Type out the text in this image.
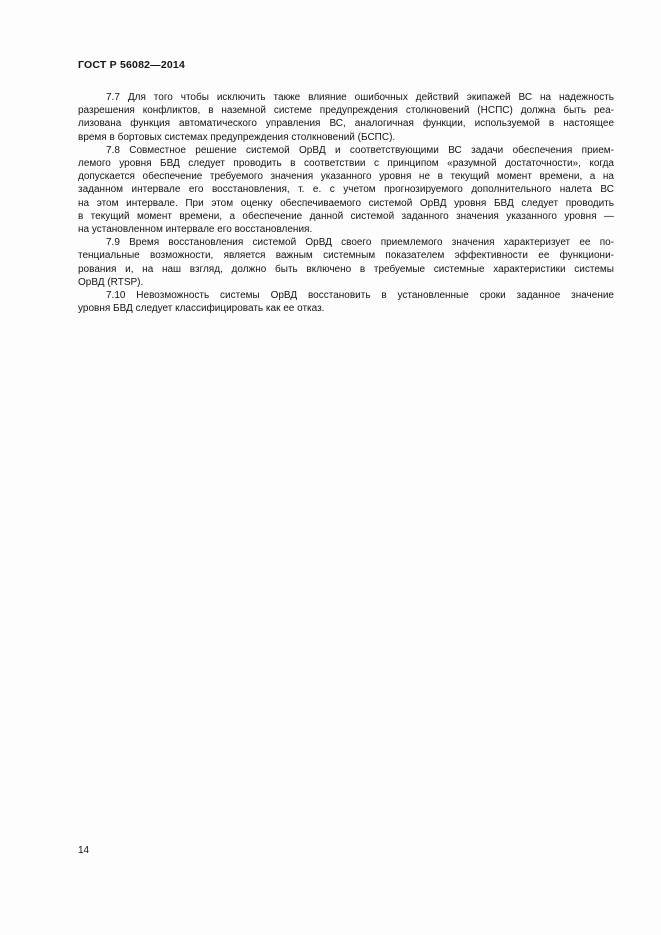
ГОСТ Р 56082—2014

7.7 Для того чтобы исключить также влияние ошибочных действий экипажей ВС на надежность
разрешения конфликтов, в наземной системе предупреждения столкновений (НСПС) должна быть реа-
лизована функция автоматического управления ВС, аналогичная функции, используемой в настоящее
время в бортовых системах предупреждения столкновений (БСПС).

7.8 Совместное решение системой ОрВД и соответствующими ВС задачи обеспечения прием-
лемого уровня БВД следует проводить в соответствии с принципом «разумной достаточности», когда
допускается обеспечение требуемого значения указанного уровня не в текущий момент времени, а на
заданном интервале его восстановления, т. е. с учетом прогнозируемого дополнительного налета ВС
на этом интервале. При этом оценку обеспечиваемого системой ОрВД уровня БВД следует проводить
в текущий момент времени, а обеспечение данной системой заданного значения указанного уровня —
на установленном интервале его восстановления.

7.9 Время восстановления системой ОрВД своего приемлемого значения характеризует ее по-
тенциальные возможности, является важным системным показателем эффективности ее функциони-
рования и, на наш взгляд, должно быть включено в требуемые системные характеристики системы
ОрВД (RTSP).

7.10 Невозможность системы ОрВД восстановить в установленные сроки заданное значение
уровня БВД следует классифицировать как ее отказ.

14
